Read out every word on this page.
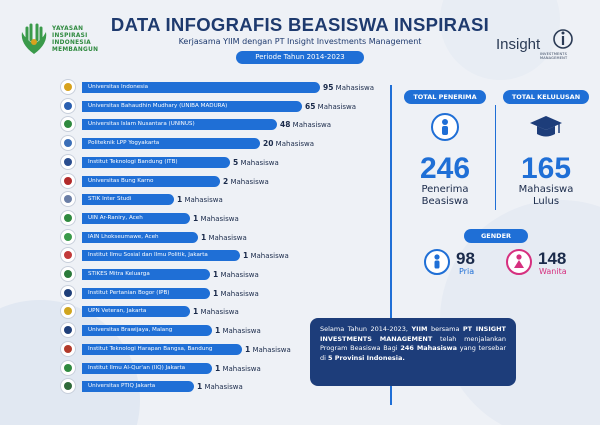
YAYASAN
INSPIRASI
INDONESIA
MEMBANGUN	Insight
INVESTMENTS MANAGEMENT
DATA INFOGRAFIS BEASISWA INSPIRASI
Kerjasama YIIM dengan PT Insight Investments Management
Periode Tahun 2014-2023
Universitas Indonesia	95 Mahasiswa
Universitas Bahaudhin Mudhary (UNIBA MADURA)	65 Mahasiswa
Universitas Islam Nusantara (UNINUS)	48 Mahasiswa
Politeknik LPP Yogyakarta	20 Mahasiswa
Institut Teknologi Bandung (ITB)	5 Mahasiswa
Universitas Bung Karno	2 Mahasiswa
STIK Inter Studi	1 Mahasiswa
UIN Ar-Raniry, Aceh	1 Mahasiswa
IAIN Lhokseumawe, Aceh	1 Mahasiswa
Institut Ilmu Sosial dan Ilmu Politik, Jakarta	1 Mahasiswa
STIKES Mitra Keluarga	1 Mahasiswa
Institut Pertanian Bogor (IPB)	1 Mahasiswa
UPN Veteran, Jakarta	1 Mahasiswa
Universitas Brawijaya, Malang	1 Mahasiswa
Institut Teknologi Harapan Bangsa, Bandung	1 Mahasiswa
Institut Ilmu Al-Qur'an (IIQ) Jakarta	1 Mahasiswa
Universitas PTIQ Jakarta	1 Mahasiswa
TOTAL PENERIMA
246
Penerima
Beasiswa
TOTAL KELULUSAN
165
Mahasiswa
Lulus
GENDER
98
Pria
148
Wanita
Selama Tahun 2014-2023, YIIM bersama PT INSIGHT INVESTMENTS MANAGEMENT telah menjalankan Program Beasiswa Bagi 246 Mahasiswa yang tersebar di 5 Provinsi Indonesia.
